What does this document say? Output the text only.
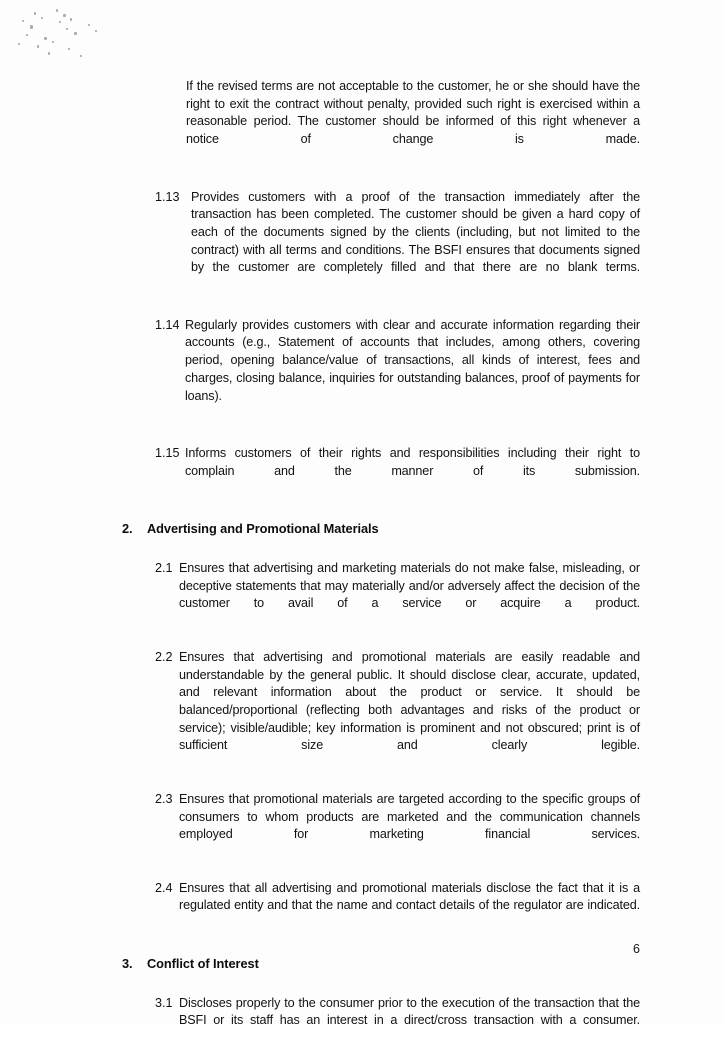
If the revised terms are not acceptable to the customer, he or she should have the right to exit the contract without penalty, provided such right is exercised within a reasonable period. The customer should be informed of this right whenever a notice of change is made.

1.13 Provides customers with a proof of the transaction immediately after the transaction has been completed. The customer should be given a hard copy of each of the documents signed by the clients (including, but not limited to the contract) with all terms and conditions. The BSFI ensures that documents signed by the customer are completely filled and that there are no blank terms.
1.14 Regularly provides customers with clear and accurate information regarding their accounts (e.g., Statement of accounts that includes, among others, covering period, opening balance/value of transactions, all kinds of interest, fees and charges, closing balance, inquiries for outstanding balances, proof of payments for loans).
1.15 Informs customers of their rights and responsibilities including their right to complain and the manner of its submission.
2.	Advertising and Promotional Materials
2.1 Ensures that advertising and marketing materials do not make false, misleading, or deceptive statements that may materially and/or adversely affect the decision of the customer to avail of a service or acquire a product.
2.2 Ensures that advertising and promotional materials are easily readable and understandable by the general public. It should disclose clear, accurate, updated, and relevant information about the product or service. It should be balanced/proportional (reflecting both advantages and risks of the product or service); visible/audible; key information is prominent and not obscured; print is of sufficient size and clearly legible.
2.3 Ensures that promotional materials are targeted according to the specific groups of consumers to whom products are marketed and the communication channels employed for marketing financial services.
2.4 Ensures that all advertising and promotional materials disclose the fact that it is a regulated entity and that the name and contact details of the regulator are indicated.
3.	Conflict of Interest
3.1 Discloses properly to the consumer prior to the execution of the transaction that the BSFI or its staff has an interest in a direct/cross transaction with a consumer.
6
